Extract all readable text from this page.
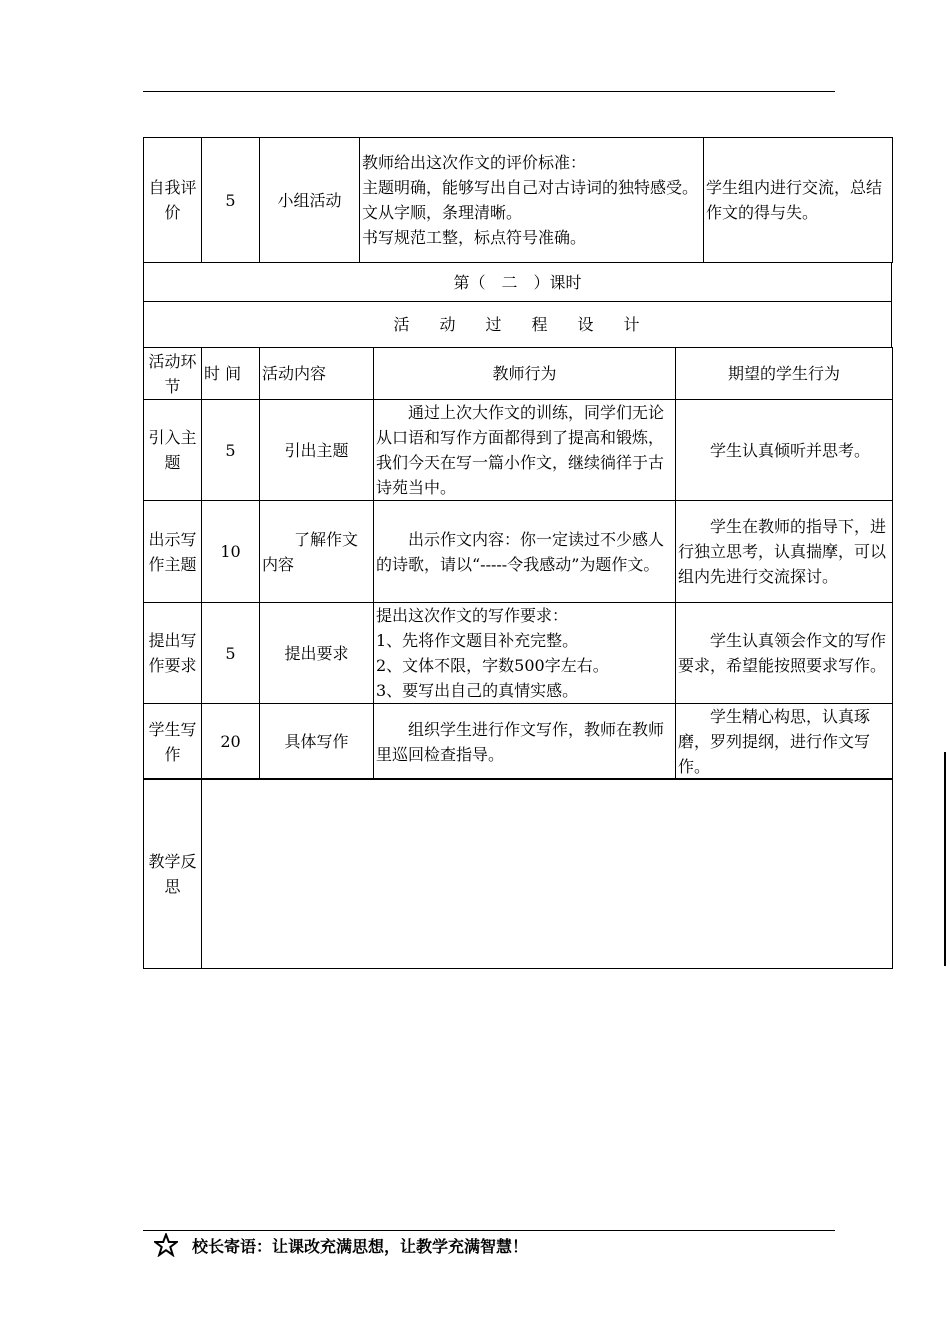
自我评价	5	小组活动	
教师给出这次作文的评价标准：
主题明确，能够写出自己对古诗词的独特感受。
文从字顺，条理清晰。
书写规范工整，标点符号准确。
	学生组内进行交流，总结作文的得与失。
第（　二　）课时
活动过程设计
活动环节	时 间	活动内容	教师行为	期望的学生行为
引入主题	5	引出主题	通过上次大作文的训练，同学们无论从口语和写作方面都得到了提高和锻炼，我们今天在写一篇小作文，继续徜徉于古诗苑当中。	学生认真倾听并思考。
出示写作主题	10	了解作文内容	出示作文内容：你一定读过不少感人的诗歌，请以“-----令我感动”为题作文。	学生在教师的指导下，进行独立思考，认真揣摩，可以组内先进行交流探讨。
提出写作要求	5	提出要求	提出这次作文的写作要求：
1、先将作文题目补充完整。
2、文体不限，字数500字左右。
3、要写出自己的真情实感。	学生认真领会作文的写作要求，希望能按照要求写作。
学生写作	20	具体写作	组织学生进行作文写作，教师在教师里巡回检查指导。	学生精心构思，认真琢磨，罗列提纲，进行作文写作。
教学反思	
校长寄语：让课改充满思想，让教学充满智慧！
